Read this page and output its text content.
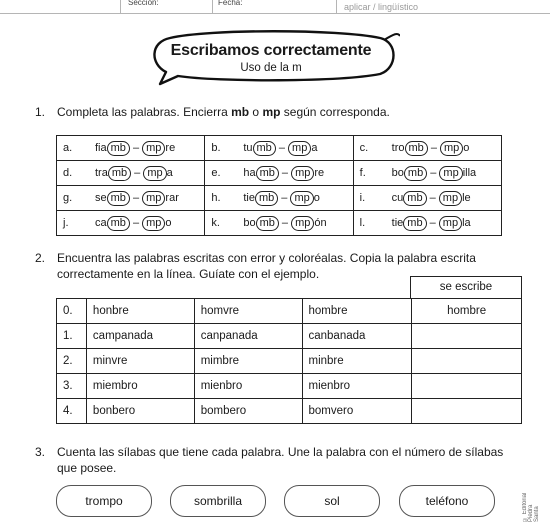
Sección:	Fecha:	aplicar / lingüístico
Escribamos correctamente
Uso de la m
1. Completa las palabras. Encierra mb o mp según corresponda.
a. fia mb – mp re	b. tu mb – mp a	c. tro mb – mp o
d. tra mb – mp a	e. ha mb – mp re	f. bo mb – mp illa
g. se mb – mp rar	h. tie mb – mp o	i. cu mb – mp le
j. ca mb – mp o	k. bo mb – mp ón	l. tie mb – mp la
2. Encuentra las palabras escritas con error y coloréalas. Copia la palabra escrita
correctamente en la línea. Guíate con el ejemplo.
se escribe
0.	honbre	homvre	hombre	hombre
1.	campanada	canpanada	canbanada	
2.	minvre	mimbre	minbre	
3.	miembro	mienbro	mienbro	
4.	bonbero	bombero	bomvero	
3. Cuenta las sílabas que tiene cada palabra. Une la palabra con el número de sílabas
que posee.
trompo	sombrilla	sol	teléfono	© Editorial Piedra Santa
